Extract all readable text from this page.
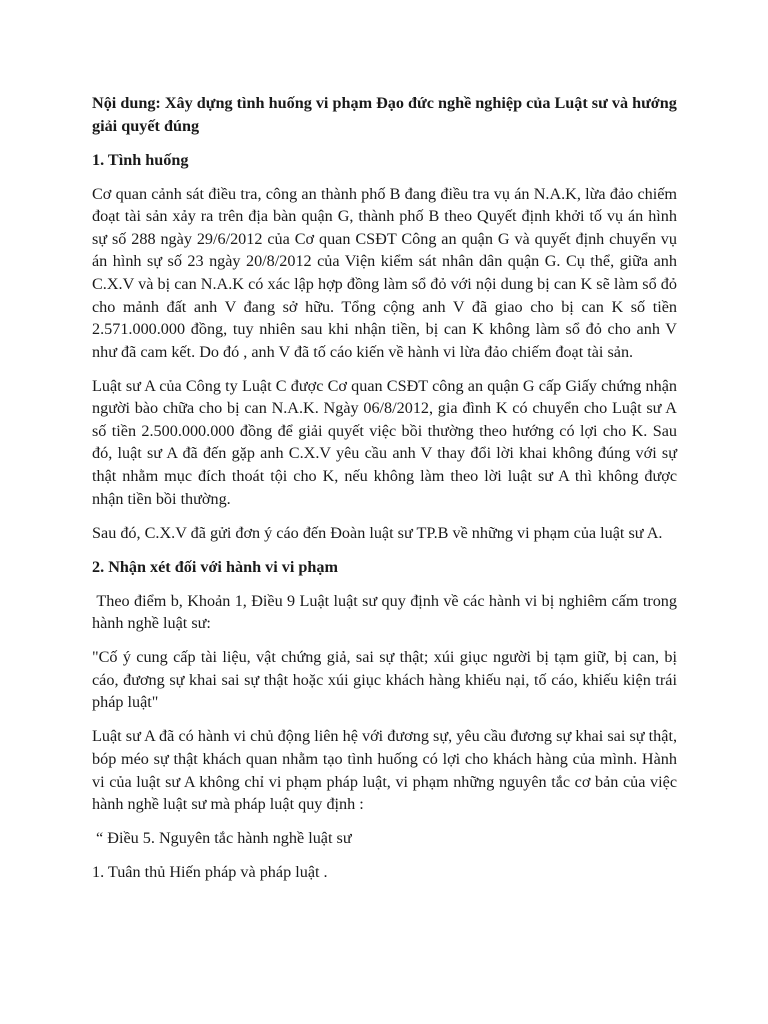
Nội dung: Xây dựng tình huống vi phạm Đạo đức nghề nghiệp của Luật sư và hướng giải quyết đúng

1. Tình huống

Cơ quan cảnh sát điều tra, công an thành phố B đang điều tra vụ án N.A.K, lừa đảo chiếm đoạt tài sản xảy ra trên địa bàn quận G, thành phố B theo Quyết định khởi tố vụ án hình sự số 288 ngày 29/6/2012 của Cơ quan CSĐT Công an quận G và quyết định chuyển vụ án hình sự số 23 ngày 20/8/2012 của Viện kiểm sát nhân dân quận G. Cụ thể, giữa anh C.X.V và bị can N.A.K có xác lập hợp đồng làm sổ đỏ với nội dung bị can K sẽ làm sổ đỏ cho mảnh đất anh V đang sở hữu. Tổng cộng anh V đã giao cho bị can K số tiền 2.571.000.000 đồng, tuy nhiên sau khi nhận tiền, bị can K không làm sổ đỏ cho anh V như đã cam kết. Do đó , anh V đã tố cáo kiến về hành vi lừa đảo chiếm đoạt tài sản.

Luật sư A của Công ty Luật C được Cơ quan CSĐT công an quận G cấp Giấy chứng nhận người bào chữa cho bị can N.A.K. Ngày 06/8/2012, gia đình K có chuyển cho Luật sư A số tiền 2.500.000.000 đồng để giải quyết việc bồi thường theo hướng có lợi cho K. Sau đó, luật sư A đã đến gặp anh C.X.V yêu cầu anh V thay đổi lời khai không đúng với sự thật nhằm mục đích thoát tội cho K, nếu không làm theo lời luật sư A thì không được nhận tiền bồi thường.

Sau đó, C.X.V đã gửi đơn ý cáo đến Đoàn luật sư TP.B về những vi phạm của luật sư A.

2. Nhận xét đối với hành vi vi phạm

Theo điểm b, Khoản 1, Điều 9 Luật luật sư quy định về các hành vi bị nghiêm cấm trong hành nghề luật sư:

"Cố ý cung cấp tài liệu, vật chứng giả, sai sự thật; xúi giục người bị tạm giữ, bị can, bị cáo, đương sự khai sai sự thật hoặc xúi giục khách hàng khiếu nại, tố cáo, khiếu kiện trái pháp luật"

Luật sư A đã có hành vi chủ động liên hệ với đương sự, yêu cầu đương sự khai sai sự thật, bóp méo sự thật khách quan nhằm tạo tình huống có lợi cho khách hàng của mình. Hành vi của luật sư A không chỉ vi phạm pháp luật, vi phạm những nguyên tắc cơ bản của việc hành nghề luật sư mà pháp luật quy định :

“ Điều 5. Nguyên tắc hành nghề luật sư

1. Tuân thủ Hiến pháp và pháp luật .
